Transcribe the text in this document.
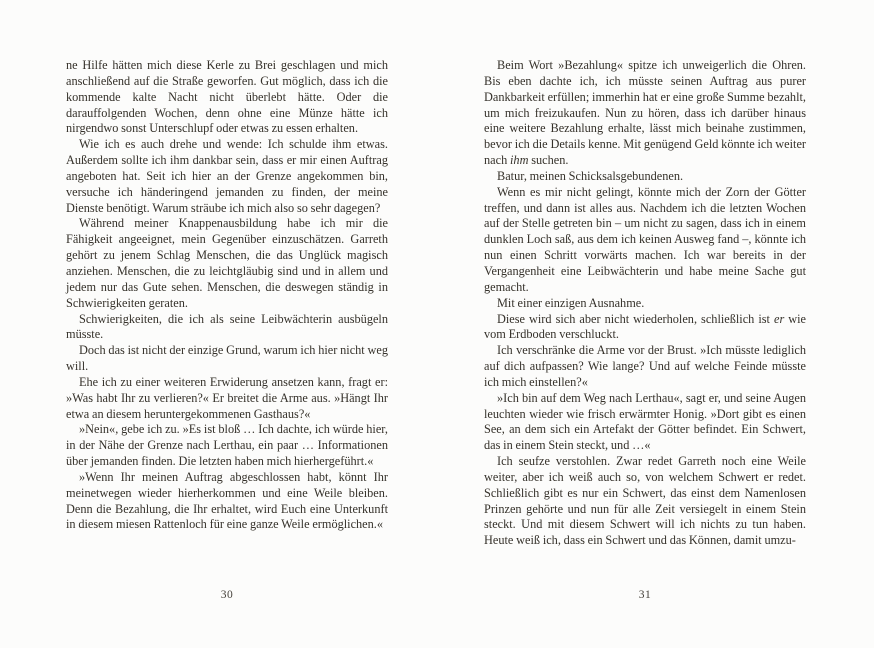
ne Hilfe hätten mich diese Kerle zu Brei geschlagen und mich anschließend auf die Straße geworfen. Gut möglich, dass ich die kommende kalte Nacht nicht überlebt hätte. Oder die darauffolgenden Wochen, denn ohne eine Münze hätte ich nirgendwo sonst Unterschlupf oder etwas zu essen erhalten.

Wie ich es auch drehe und wende: Ich schulde ihm etwas. Außerdem sollte ich ihm dankbar sein, dass er mir einen Auftrag angeboten hat. Seit ich hier an der Grenze angekommen bin, versuche ich händeringend jemanden zu finden, der meine Dienste benötigt. Warum sträube ich mich also so sehr dagegen?

Während meiner Knappenausbildung habe ich mir die Fähigkeit angeeignet, mein Gegenüber einzuschätzen. Garreth gehört zu jenem Schlag Menschen, die das Unglück magisch anziehen. Menschen, die zu leichtgläubig sind und in allem und jedem nur das Gute sehen. Menschen, die deswegen ständig in Schwierigkeiten geraten.

Schwierigkeiten, die ich als seine Leibwächterin ausbügeln müsste.

Doch das ist nicht der einzige Grund, warum ich hier nicht weg will.

Ehe ich zu einer weiteren Erwiderung ansetzen kann, fragt er: »Was habt Ihr zu verlieren?« Er breitet die Arme aus. »Hängt Ihr etwa an diesem heruntergekommenen Gasthaus?«

»Nein«, gebe ich zu. »Es ist bloß … Ich dachte, ich würde hier, in der Nähe der Grenze nach Lerthau, ein paar … Informationen über jemanden finden. Die letzten haben mich hierhergeführt.«

»Wenn Ihr meinen Auftrag abgeschlossen habt, könnt Ihr meinetwegen wieder hierherkommen und eine Weile bleiben. Denn die Bezahlung, die Ihr erhaltet, wird Euch eine Unterkunft in diesem miesen Rattenloch für eine ganze Weile ermöglichen.«

Beim Wort »Bezahlung« spitze ich unweigerlich die Ohren. Bis eben dachte ich, ich müsste seinen Auftrag aus purer Dankbarkeit erfüllen; immerhin hat er eine große Summe bezahlt, um mich freizukaufen. Nun zu hören, dass ich darüber hinaus eine weitere Bezahlung erhalte, lässt mich beinahe zustimmen, bevor ich die Details kenne. Mit genügend Geld könnte ich weiter nach ihm suchen.

Batur, meinen Schicksalsgebundenen.

Wenn es mir nicht gelingt, könnte mich der Zorn der Götter treffen, und dann ist alles aus. Nachdem ich die letzten Wochen auf der Stelle getreten bin – um nicht zu sagen, dass ich in einem dunklen Loch saß, aus dem ich keinen Ausweg fand –, könnte ich nun einen Schritt vorwärts machen. Ich war bereits in der Vergangenheit eine Leibwächterin und habe meine Sache gut gemacht.

Mit einer einzigen Ausnahme.

Diese wird sich aber nicht wiederholen, schließlich ist er wie vom Erdboden verschluckt.

Ich verschränke die Arme vor der Brust. »Ich müsste lediglich auf dich aufpassen? Wie lange? Und auf welche Feinde müsste ich mich einstellen?«

»Ich bin auf dem Weg nach Lerthau«, sagt er, und seine Augen leuchten wieder wie frisch erwärmter Honig. »Dort gibt es einen See, an dem sich ein Artefakt der Götter befindet. Ein Schwert, das in einem Stein steckt, und …«

Ich seufze verstohlen. Zwar redet Garreth noch eine Weile weiter, aber ich weiß auch so, von welchem Schwert er redet. Schließlich gibt es nur ein Schwert, das einst dem Namenlosen Prinzen gehörte und nun für alle Zeit versiegelt in einem Stein steckt. Und mit diesem Schwert will ich nichts zu tun haben. Heute weiß ich, dass ein Schwert und das Können, damit umzu-

30	31
